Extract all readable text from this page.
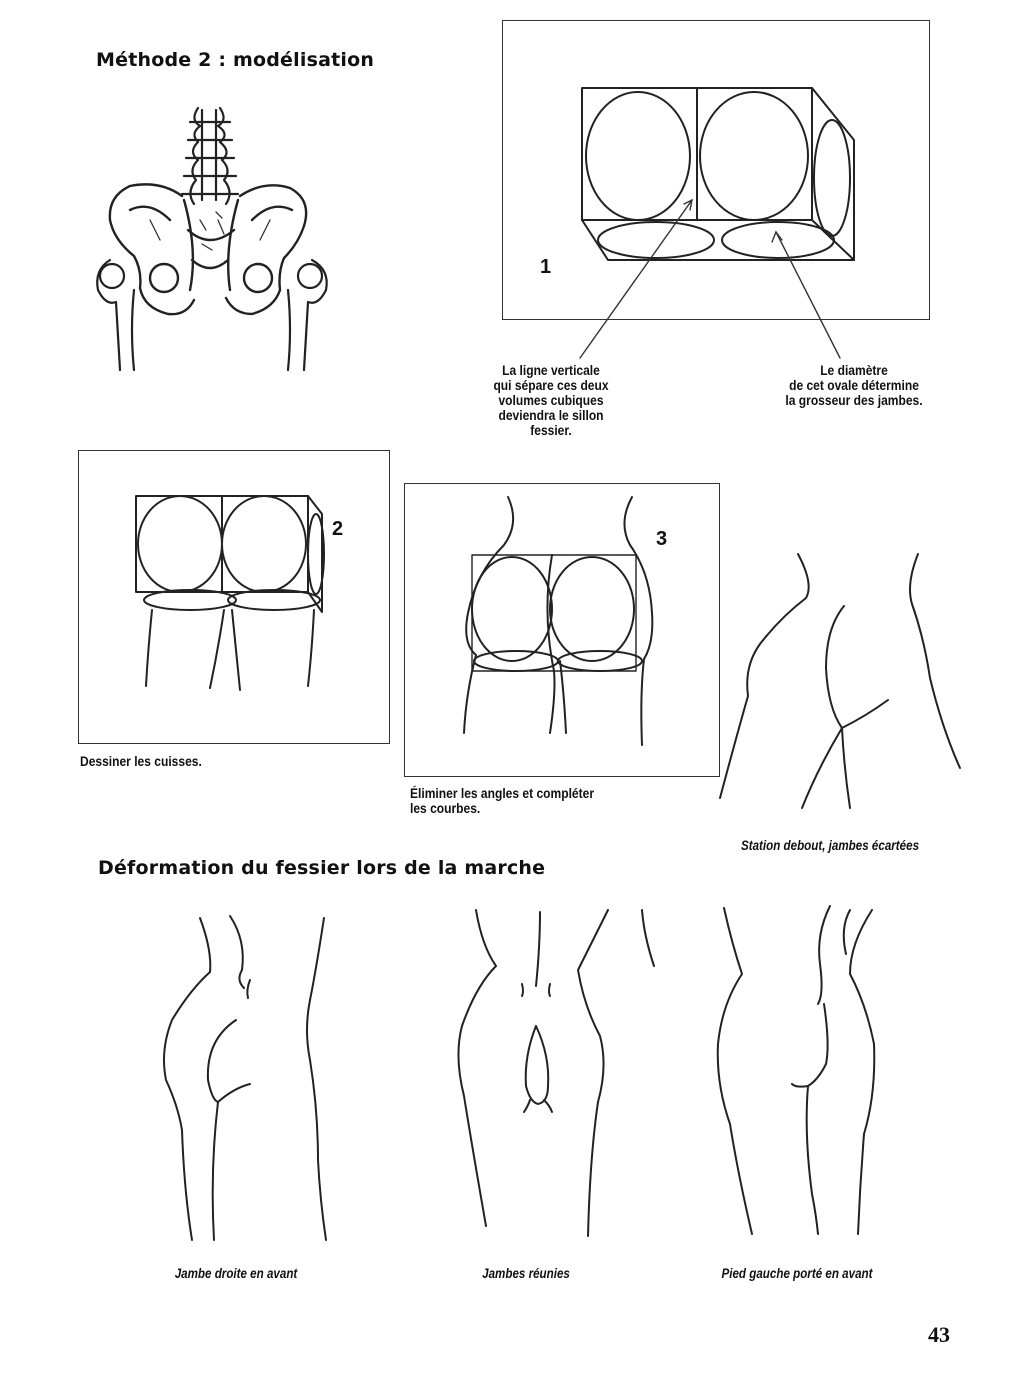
Méthode 2 : modélisation
1
La ligne verticale
qui sépare ces deux
volumes cubiques
deviendra le sillon
fessier.
Le diamètre
de cet ovale détermine
la grosseur des jambes.
2
Dessiner les cuisses.
3
Éliminer les angles et compléter
les courbes.
Station debout, jambes écartées
Déformation du fessier lors de la marche
Jambe droite en avant	Jambes réunies	Pied gauche porté en avant
43
